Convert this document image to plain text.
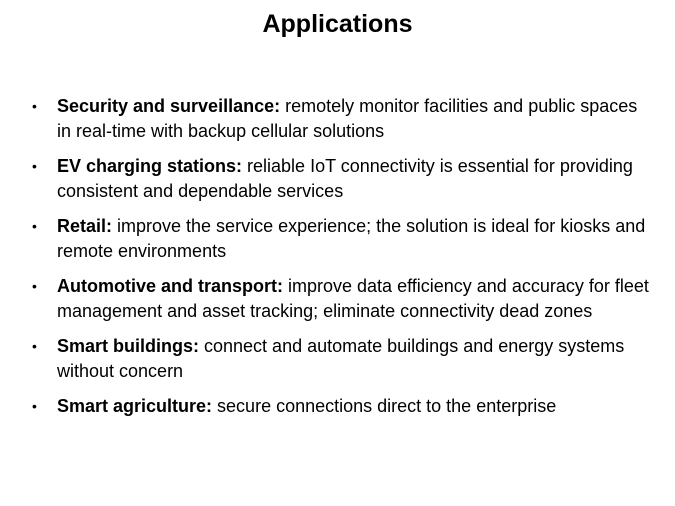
Applications
• Security and surveillance: remotely monitor facilities and public spaces in real-time with backup cellular solutions
• EV charging stations: reliable IoT connectivity is essential for providing consistent and dependable services
• Retail: improve the service experience; the solution is ideal for kiosks and remote environments
• Automotive and transport: improve data efficiency and accuracy for fleet management and asset tracking; eliminate connectivity dead zones
• Smart buildings: connect and automate buildings and energy systems without concern
• Smart agriculture: secure connections direct to the enterprise
